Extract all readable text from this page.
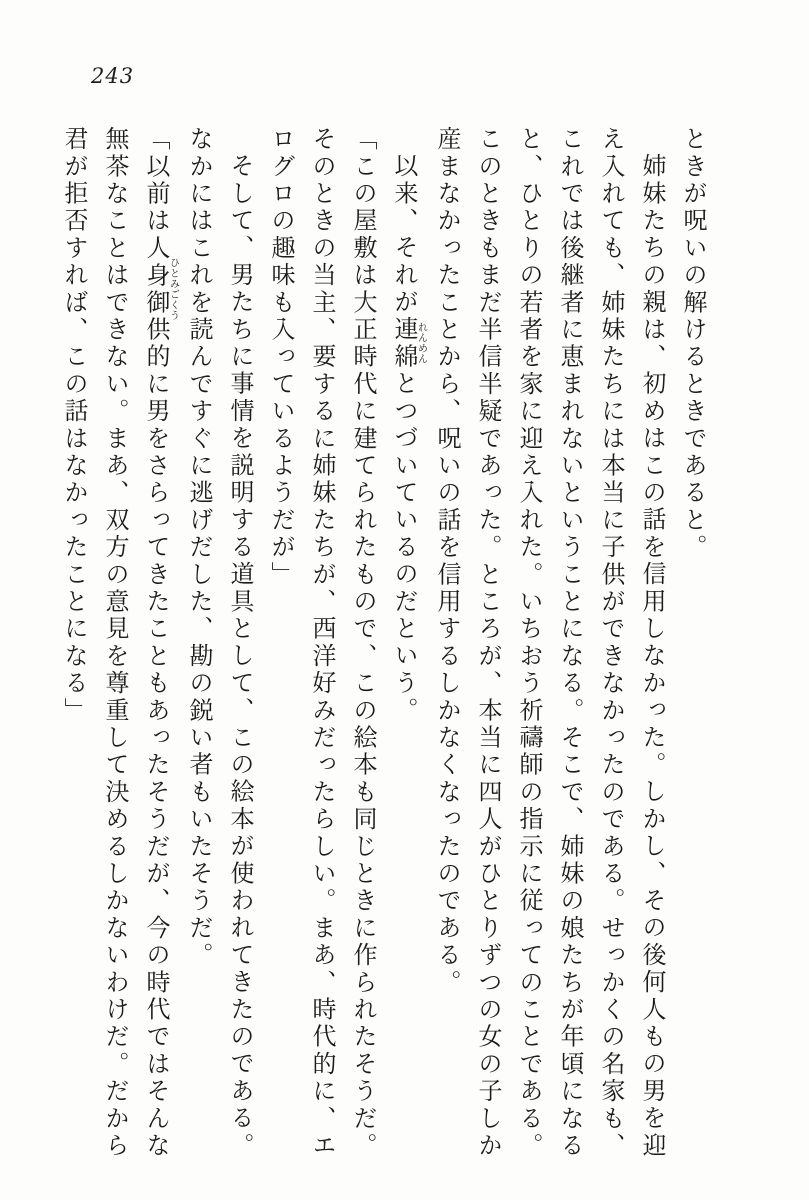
243

ときが呪いの解けるときであると。

姉妹たちの親は、初めはこの話を信用しなかった。しかし、その後何人もの男を迎え入れても、姉妹たちには本当に子供ができなかったのである。せっかくの名家も、これでは後継者に恵まれないということになる。そこで、姉妹の娘たちが年頃になると、ひとりの若者を家に迎え入れた。いちおう祈禱師の指示に従ってのことである。このときもまだ半信半疑であった。ところが、本当に四人がひとりずつの女の子しか産まなかったことから、呪いの話を信用するしかなくなったのである。

以来、それが連綿れんめんとつづいているのだという。

「この屋敷は大正時代に建てられたもので、この絵本も同じときに作られたそうだ。そのときの当主、要するに姉妹たちが、西洋好みだったらしい。まあ、時代的に、エログロの趣味も入っているようだが」

そして、男たちに事情を説明する道具として、この絵本が使われてきたのである。なかにはこれを読んですぐに逃げだした、勘の鋭い者もいたそうだ。

「以前は人身御供ひとみごくう的に男をさらってきたこともあったそうだが、今の時代ではそんな無茶なことはできない。まあ、双方の意見を尊重して決めるしかないわけだ。だから君が拒否すれば、この話はなかったことになる」
